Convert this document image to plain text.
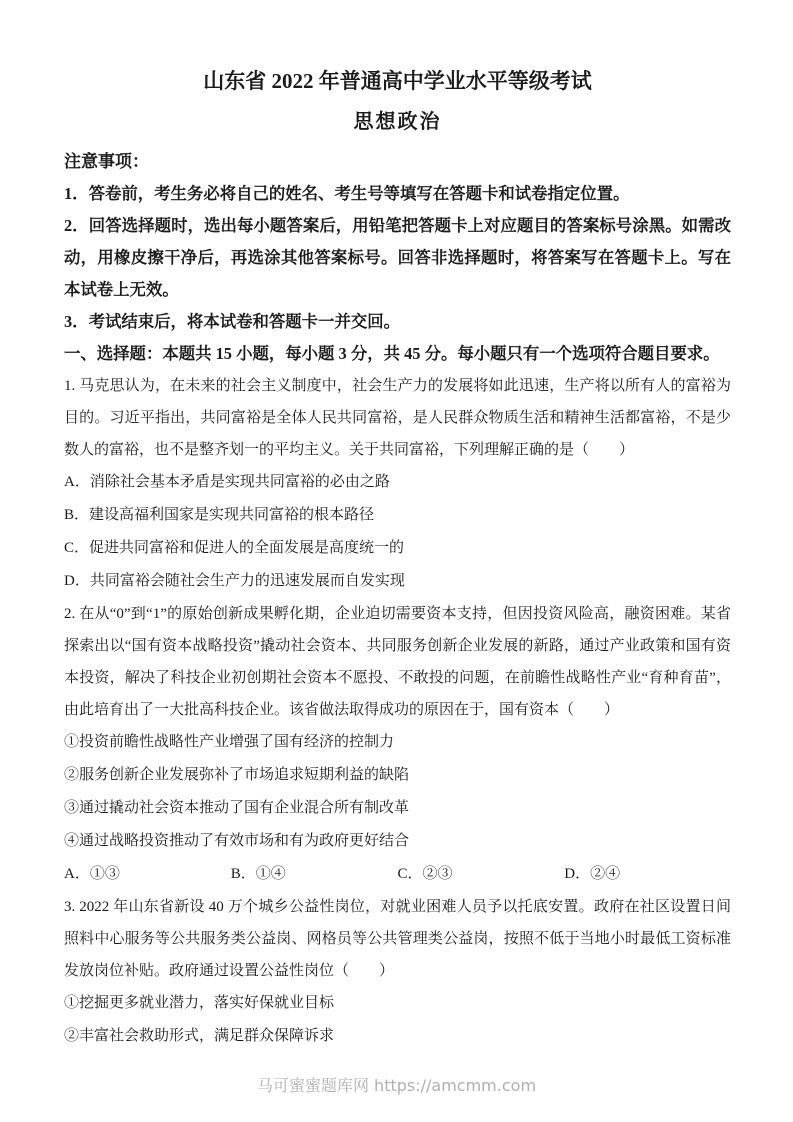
山东省 2022 年普通高中学业水平等级考试
思想政治

注意事项：

1．答卷前，考生务必将自己的姓名、考生号等填写在答题卡和试卷指定位置。

2．回答选择题时，选出每小题答案后，用铅笔把答题卡上对应题目的答案标号涂黑。如需改动，用橡皮擦干净后，再选涂其他答案标号。回答非选择题时，将答案写在答题卡上。写在本试卷上无效。

3．考试结束后，将本试卷和答题卡一并交回。

一、选择题：本题共 15 小题，每小题 3 分，共 45 分。每小题只有一个选项符合题目要求。

1. 马克思认为，在未来的社会主义制度中，社会生产力的发展将如此迅速，生产将以所有人的富裕为目的。习近平指出，共同富裕是全体人民共同富裕，是人民群众物质生活和精神生活都富裕，不是少数人的富裕，也不是整齐划一的平均主义。关于共同富裕，下列理解正确的是（　　）

A．消除社会基本矛盾是实现共同富裕的必由之路

B．建设高福利国家是实现共同富裕的根本路径

C．促进共同富裕和促进人的全面发展是高度统一的

D．共同富裕会随社会生产力的迅速发展而自发实现

2. 在从“0”到“1”的原始创新成果孵化期，企业迫切需要资本支持，但因投资风险高，融资困难。某省探索出以“国有资本战略投资”撬动社会资本、共同服务创新企业发展的新路，通过产业政策和国有资本投资，解决了科技企业初创期社会资本不愿投、不敢投的问题，在前瞻性战略性产业“育种育苗”，由此培育出了一大批高科技企业。该省做法取得成功的原因在于，国有资本（　　）

①投资前瞻性战略性产业增强了国有经济的控制力

②服务创新企业发展弥补了市场追求短期利益的缺陷

③通过撬动社会资本推动了国有企业混合所有制改革

④通过战略投资推动了有效市场和有为政府更好结合

A．①③	B．①④	C．②③	D．②④

3. 2022 年山东省新设 40 万个城乡公益性岗位，对就业困难人员予以托底安置。政府在社区设置日间照料中心服务等公共服务类公益岗、网格员等公共管理类公益岗，按照不低于当地小时最低工资标准发放岗位补贴。政府通过设置公益性岗位（　　）

①挖掘更多就业潜力，落实好保就业目标

②丰富社会救助形式，满足群众保障诉求

马可蜜蜜题库网 https://amcmm.com
